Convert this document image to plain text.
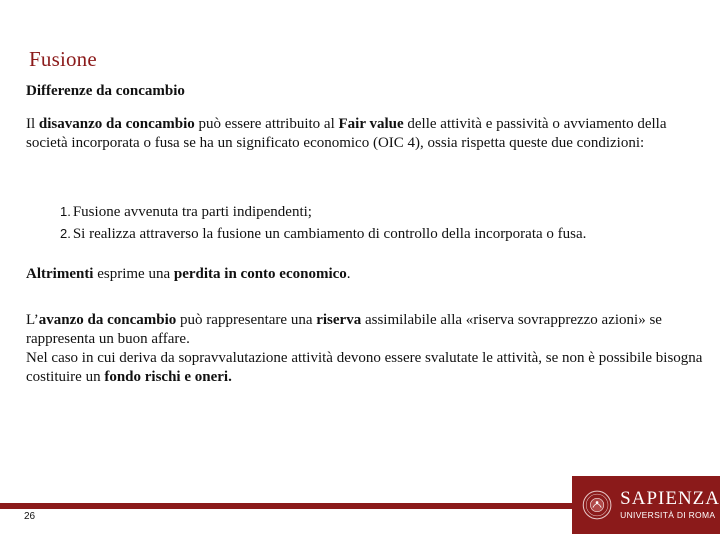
Fusione
Differenze da concambio
Il disavanzo da concambio può essere attribuito al Fair value delle attività e passività o avviamento della società incorporata o fusa se ha un significato economico (OIC 4), ossia rispetta queste due condizioni:
1. Fusione avvenuta tra parti indipendenti;
2. Si realizza attraverso la fusione un cambiamento di controllo della incorporata o fusa.
Altrimenti esprime una perdita in conto economico.
L’avanzo da concambio può rappresentare una riserva assimilabile alla «riserva sovrapprezzo azioni» se rappresenta un buon affare.
Nel caso in cui deriva da sopravvalutazione attività devono essere svalutate le attività, se non è possibile bisogna costituire un fondo rischi e oneri.
26
SAPIENZA
UNIVERSITÀ DI ROMA
